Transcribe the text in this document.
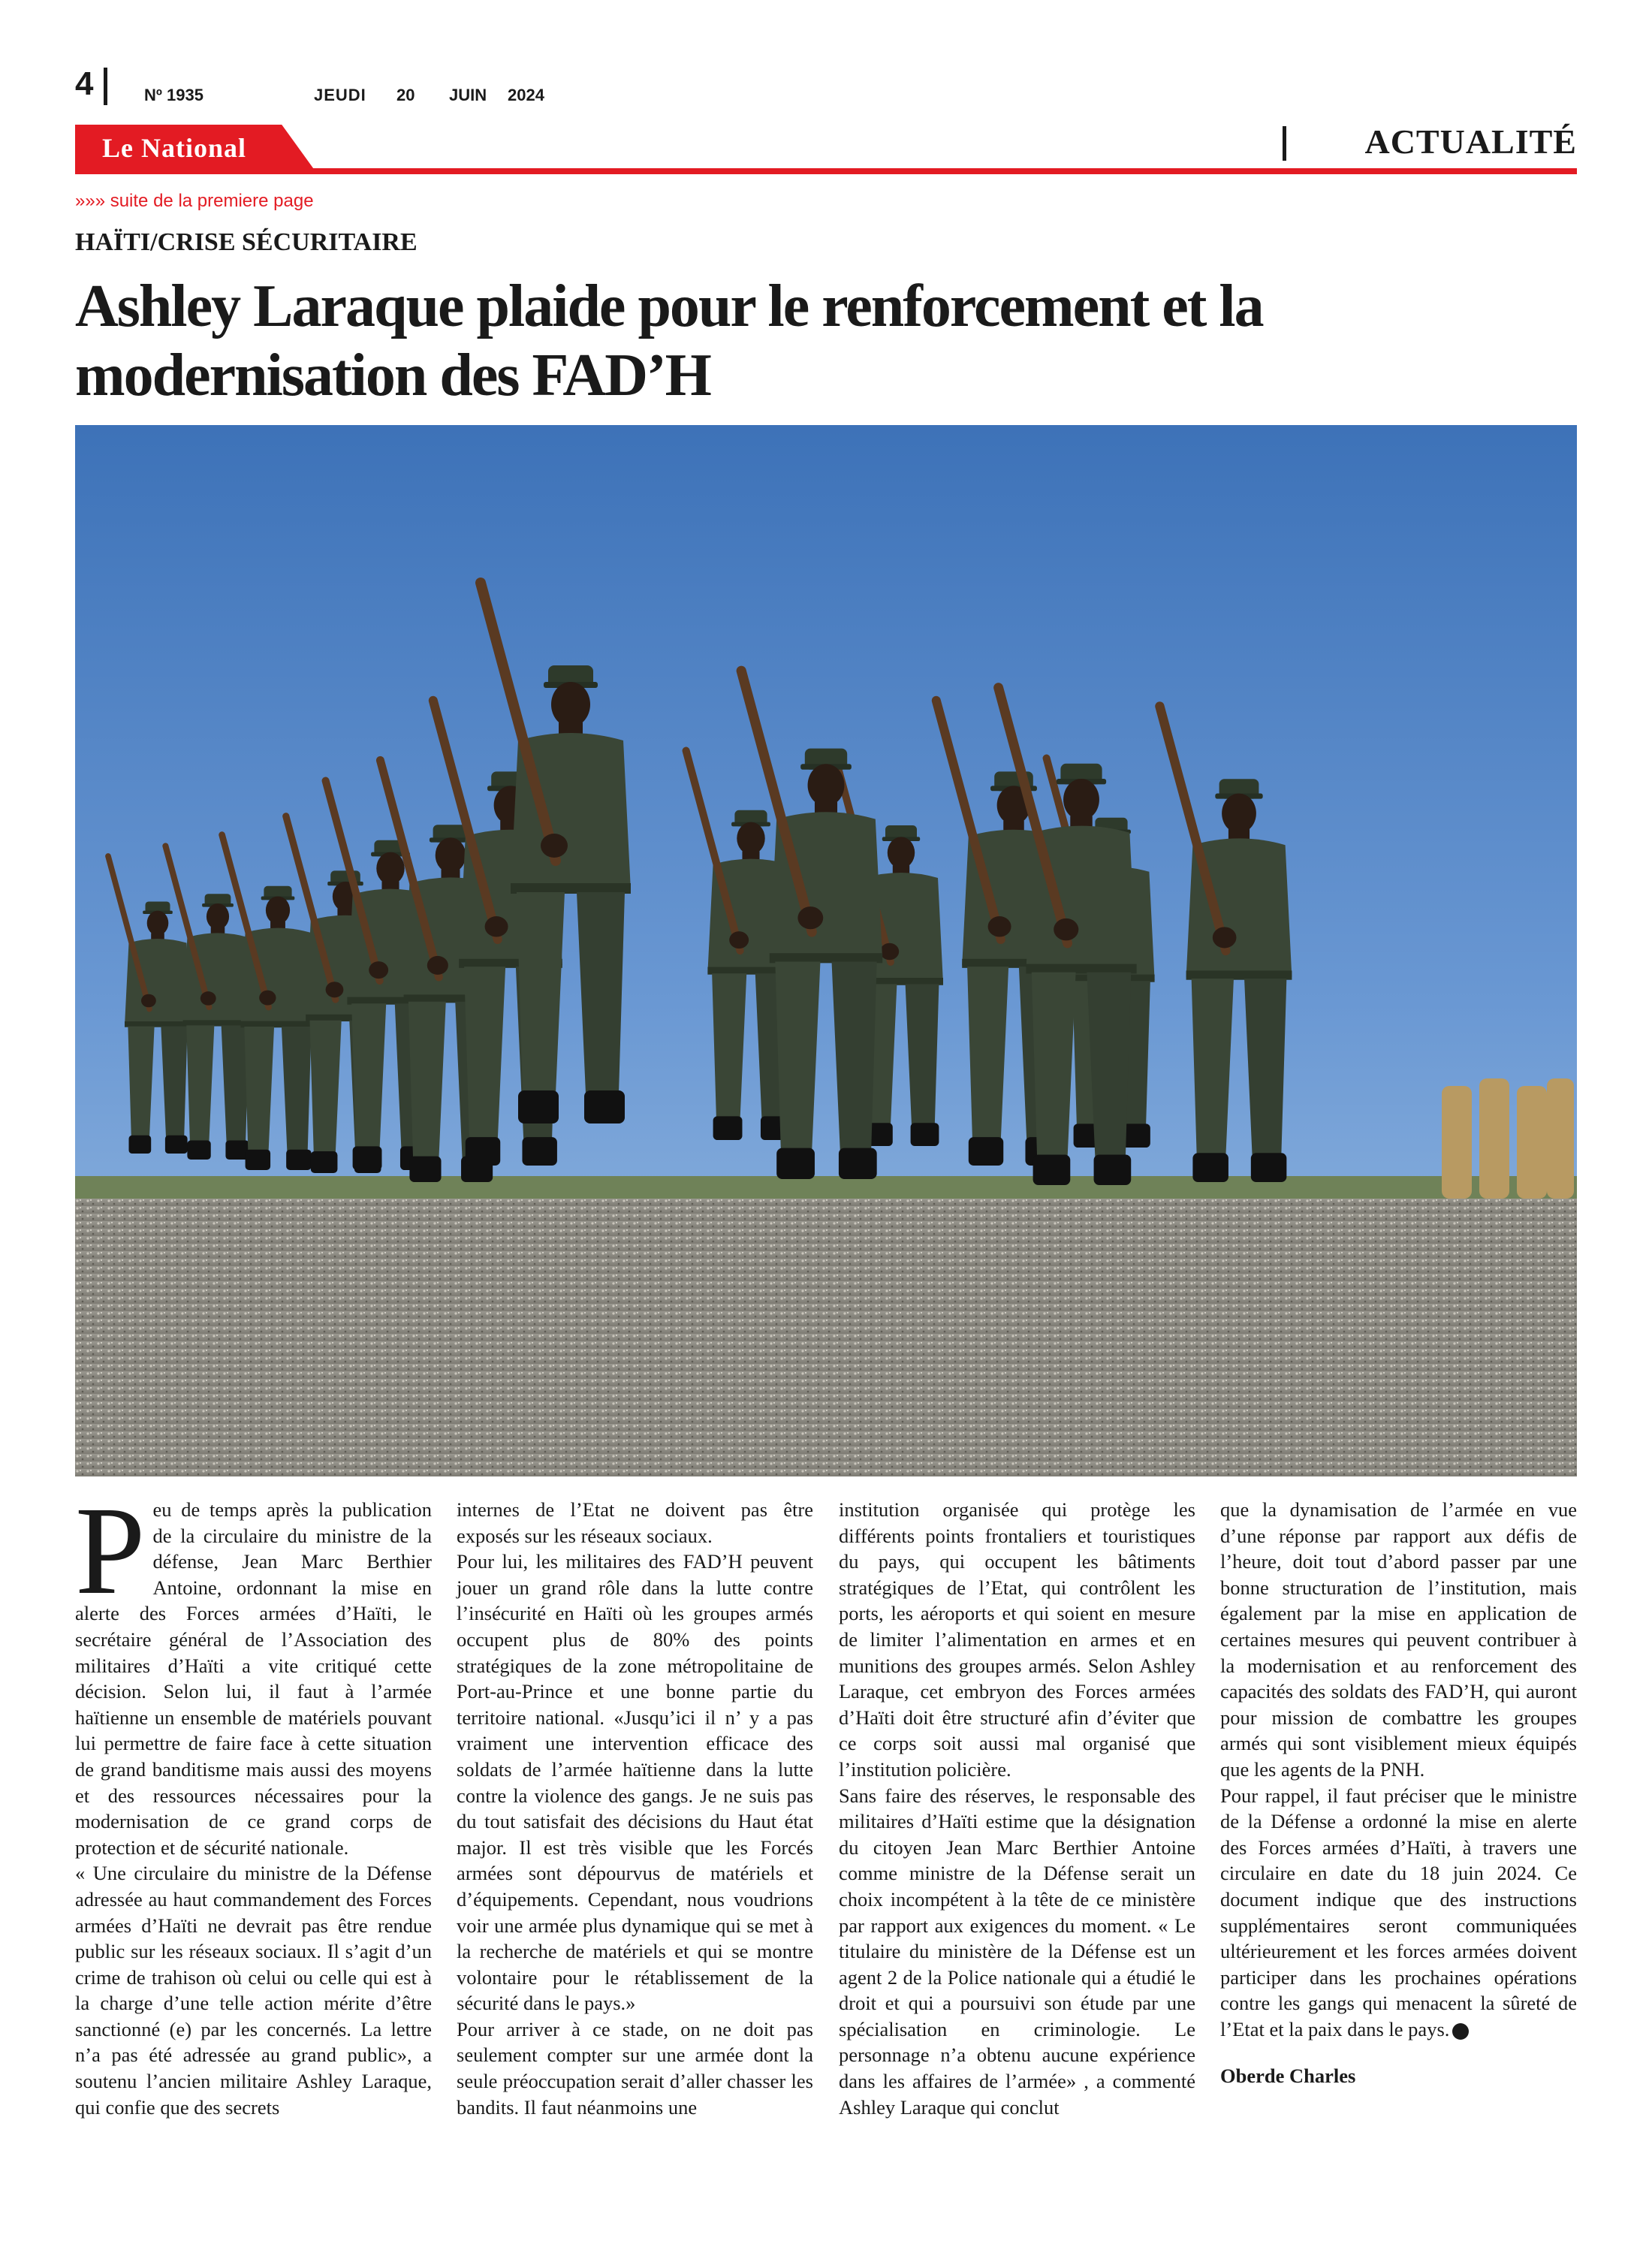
4	Nº 1935	JEUDI 20 JUIN 2024
Le National	ACTUALITÉ
»»» suite de la premiere page
HAÏTI/CRISE SÉCURITAIRE
Ashley Laraque plaide pour le renforcement et la modernisation des FAD’H

Peu de temps après la publication de la circulaire du ministre de la défense, Jean Marc Berthier Antoine, ordonnant la mise en alerte des Forces armées d’Haïti, le secrétaire général de l’Association des militaires d’Haïti a vite critiqué cette décision. Selon lui, il faut à l’armée haïtienne un ensemble de matériels pouvant lui permettre de faire face à cette situation de grand banditisme mais aussi des moyens et des ressources nécessaires pour la modernisation de ce grand corps de protection et de sécurité nationale.

« Une circulaire du ministre de la Défense adressée au haut commandement des Forces armées d’Haïti ne devrait pas être rendue public sur les réseaux sociaux. Il s’agit d’un crime de trahison où celui ou celle qui est à la charge d’une telle action mérite d’être sanctionné (e) par les concernés. La lettre n’a pas été adressée au grand public», a soutenu l’ancien militaire Ashley Laraque, qui confie que des secrets

internes de l’Etat ne doivent pas être exposés sur les réseaux sociaux.

Pour lui, les militaires des FAD’H peuvent jouer un grand rôle dans la lutte contre l’insécurité en Haïti où les groupes armés occupent plus de 80% des points stratégiques de la zone métropolitaine de Port-au-Prince et une bonne partie du territoire national. «Jusqu’ici il n’ y a pas vraiment une intervention efficace des soldats de l’armée haïtienne dans la lutte contre la violence des gangs. Je ne suis pas du tout satisfait des décisions du Haut état major. Il est très visible que les Forcés armées sont dépourvus de matériels et d’équipements. Cependant, nous voudrions voir une armée plus dynamique qui se met à la recherche de matériels et qui se montre volontaire pour le rétablissement de la sécurité dans le pays.»

Pour arriver à ce stade, on ne doit pas seulement compter sur une armée dont la seule préoccupation serait d’aller chasser les bandits. Il faut néanmoins une

institution organisée qui protège les différents points frontaliers et touristiques du pays, qui occupent les bâtiments stratégiques de l’Etat, qui contrôlent les ports, les aéroports et qui soient en mesure de limiter l’alimentation en armes et en munitions des groupes armés. Selon Ashley Laraque, cet embryon des Forces armées d’Haïti doit être structuré afin d’éviter que ce corps soit aussi mal organisé que l’institution policière.

Sans faire des réserves, le responsable des militaires d’Haïti estime que la désignation du citoyen Jean Marc Berthier Antoine comme ministre de la Défense serait un choix incompétent à la tête de ce ministère par rapport aux exigences du moment. « Le titulaire du ministère de la Défense est un agent 2 de la Police nationale qui a étudié le droit et qui a poursuivi son étude par une spécialisation en criminologie. Le personnage n’a obtenu aucune expérience dans les affaires de l’armée» , a commenté Ashley Laraque qui conclut

que la dynamisation de l’armée en vue d’une réponse par rapport aux défis de l’heure, doit tout d’abord passer par une bonne structuration de l’institution, mais également par la mise en application de certaines mesures qui peuvent contribuer à la modernisation et au renforcement des capacités des soldats des FAD’H, qui auront pour mission de combattre les groupes armés qui sont visiblement mieux équipés que les agents de la PNH.

Pour rappel, il faut préciser que le ministre de la Défense a ordonné la mise en alerte des Forces armées d’Haïti, à travers une circulaire en date du 18 juin 2024. Ce document indique que des instructions supplémentaires seront communiquées ultérieurement et les forces armées doivent participer dans les prochaines opérations contre les gangs qui menacent la sûreté de l’Etat et la paix dans le pays.

Oberde Charles
